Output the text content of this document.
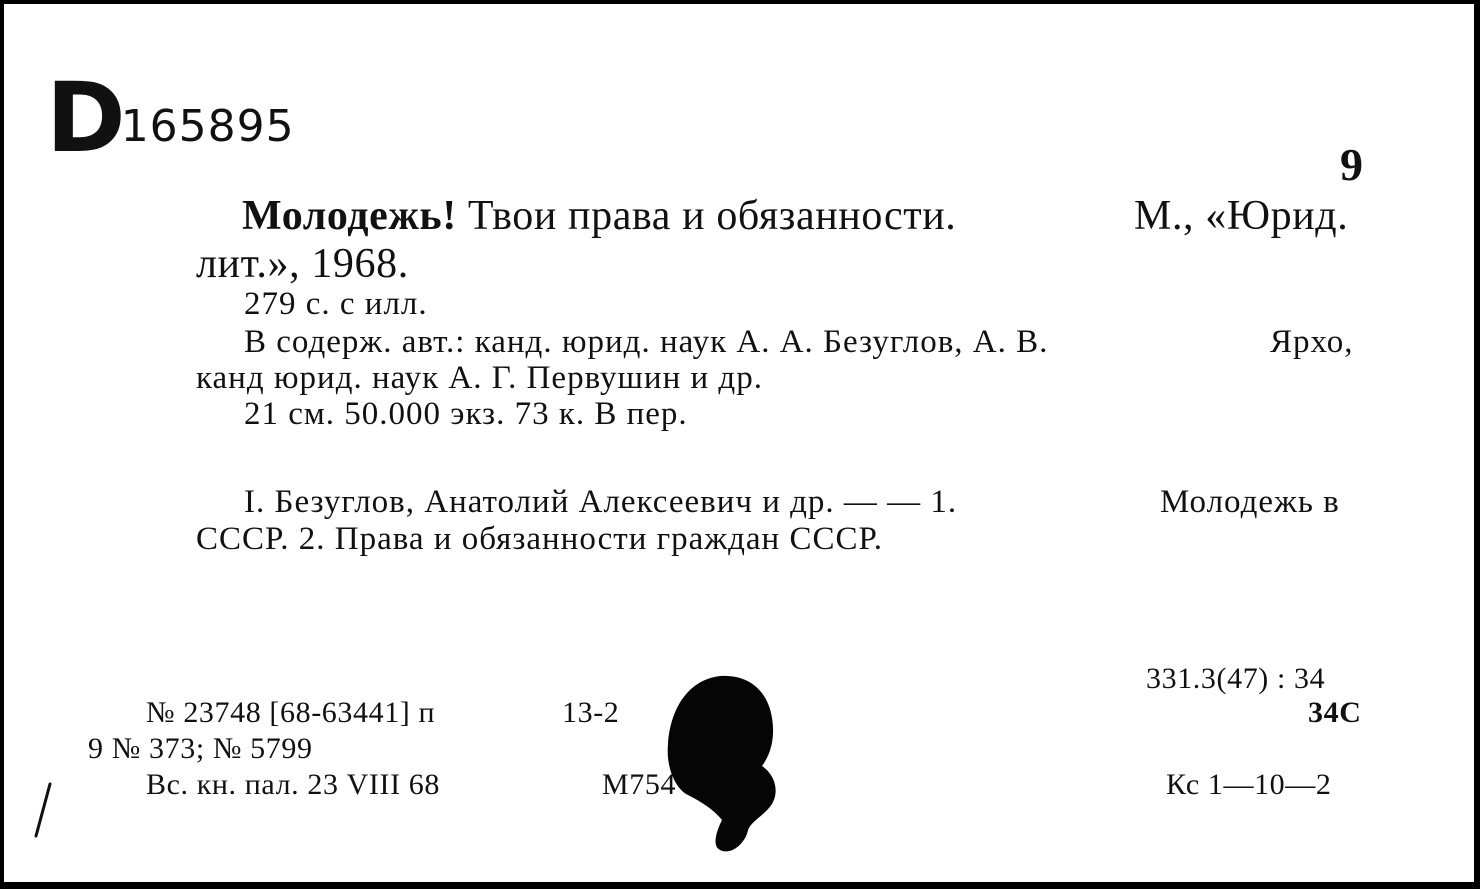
D165895
9
Молодежь! Твои права и обязанности.	М., «Юрид.
лит.», 1968.
279 с. с илл.
В содерж. авт.: канд. юрид. наук А. А. Безуглов, А. В.	Ярхо,
канд юрид. наук А. Г. Первушин и др.
21 см. 50.000 экз. 73 к. В пер.
I. Безуглов, Анатолий Алексеевич и др. — — 1.	Молодежь в
СССР. 2. Права и обязанности граждан СССР.
№ 23748 [68-63441] п	13-2
9 № 373; № 5799
Вс. кн. пал. 23 VIII 68	М754
331.3(47) : 34
34С
Кс 1—10—2
